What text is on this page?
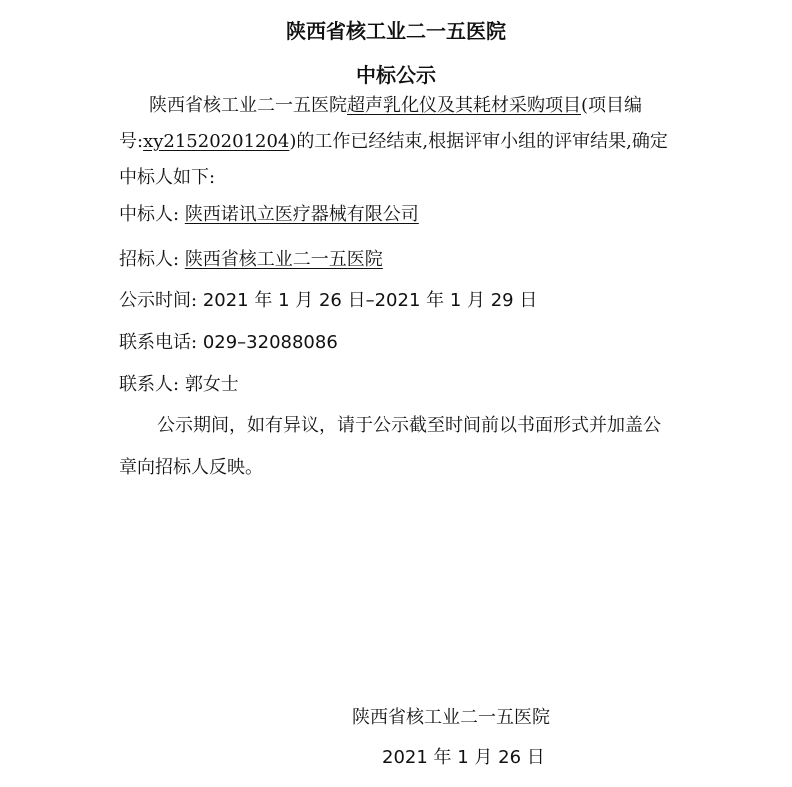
陕西省核工业二一五医院
中标公示
陕西省核工业二一五医院超声乳化仪及其耗材采购项目(项目编
号:xy21520201204)的工作已经结束,根据评审小组的评审结果,确定
中标人如下:
中标人: 陕西诺讯立医疗器械有限公司
招标人: 陕西省核工业二一五医院
公示时间: 2021 年 1 月 26 日–2021 年 1 月 29 日
联系电话: 029–32088086
联系人: 郭女士
公示期间，如有异议，请于公示截至时间前以书面形式并加盖公
章向招标人反映。
陕西省核工业二一五医院
2021 年 1 月 26 日
